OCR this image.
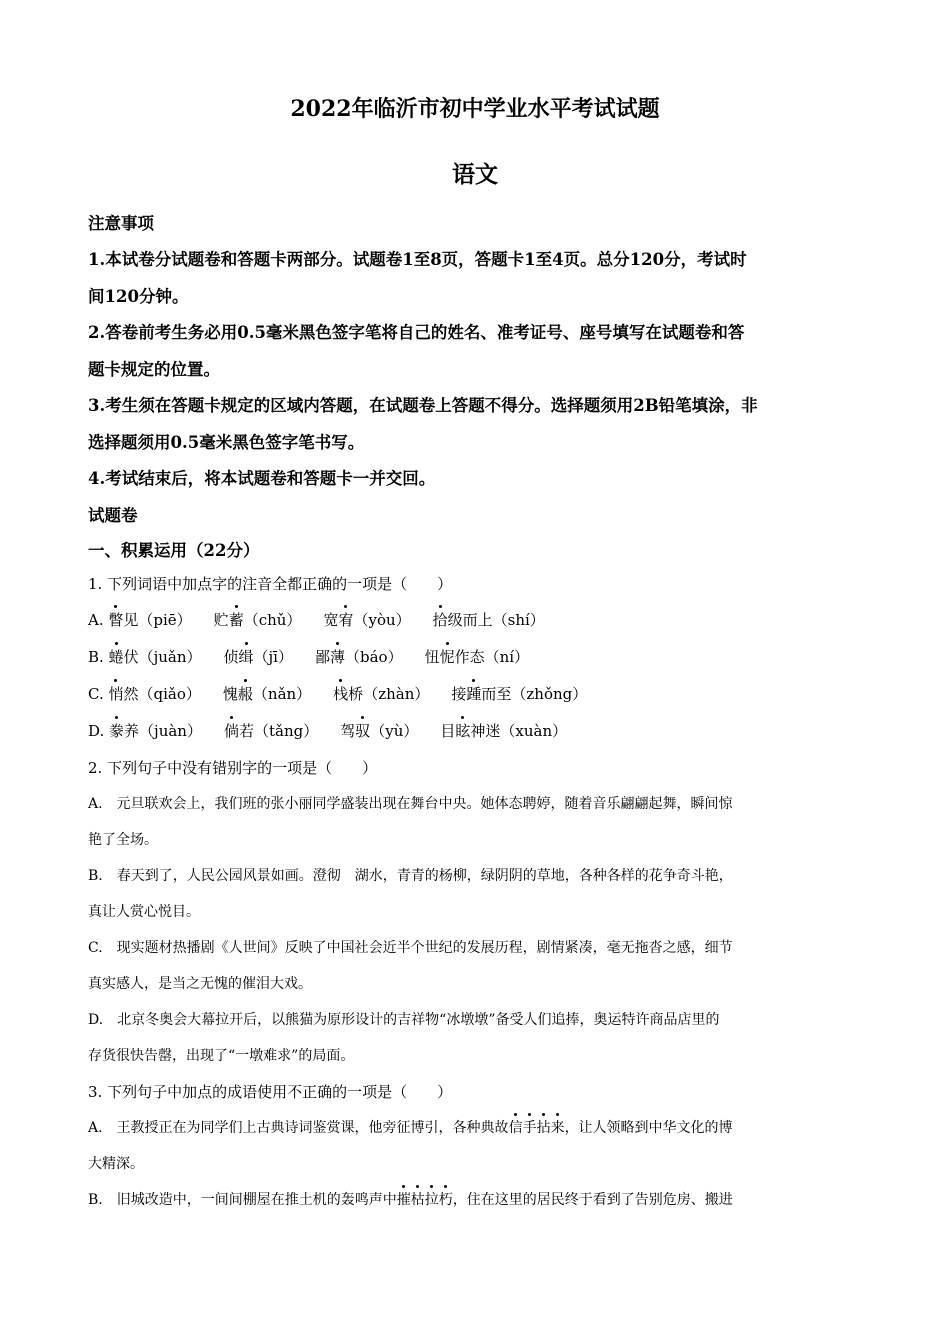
2022年临沂市初中学业水平考试试题
语文
注意事项
1.本试卷分试题卷和答题卡两部分。试题卷1至8页，答题卡1至4页。总分120分，考试时
间120分钟。
2.答卷前考生务必用0.5毫米黑色签字笔将自己的姓名、准考证号、座号填写在试题卷和答
题卡规定的位置。
3.考生须在答题卡规定的区域内答题，在试题卷上答题不得分。选择题须用2B铅笔填涂，非
选择题须用0.5毫米黑色签字笔书写。
4.考试结束后，将本试题卷和答题卡一并交回。
试题卷
一、积累运用（22分）
1. 下列词语中加点字的注音全都正确的一项是（　　）
A. 瞥见（piē） 贮蓄（chǔ） 宽宥（yòu） 拾级而上（shí）
B. 蜷伏（juǎn） 侦缉（jī） 鄙薄（báo） 忸怩作态（ní）
C. 悄然（qiǎo） 愧赧（nǎn） 栈桥（zhàn） 接踵而至（zhǒng）
D. 豢养（juàn） 倘若（tǎng） 驾驭（yù） 目眩神迷（xuàn）
2. 下列句子中没有错别字的一项是（　　）
A.　元旦联欢会上，我们班的张小丽同学盛装出现在舞台中央。她体态聘婷，随着音乐翩翩起舞，瞬间惊
艳了全场。
B.　春天到了，人民公园风景如画。澄彻　湖水，青青的杨柳，绿阴阴的草地，各种各样的花争奇斗艳，
真让人赏心悦目。
C.　现实题材热播剧《人世间》反映了中国社会近半个世纪的发展历程，剧情紧凑，毫无拖沓之感，细节
真实感人，是当之无愧的催泪大戏。
D.　北京冬奥会大幕拉开后，以熊猫为原形设计的吉祥物“冰墩墩”备受人们追捧，奥运特许商品店里的
存货很快告罄，出现了“一墩难求”的局面。
3. 下列句子中加点的成语使用不正确的一项是（　　）
A.　王教授正在为同学们上古典诗词鉴赏课，他旁征博引，各种典故信手拈来，让人领略到中华文化的博
大精深。
B.　旧城改造中，一间间棚屋在推土机的轰鸣声中摧枯拉朽，住在这里的居民终于看到了告别危房、搬进
